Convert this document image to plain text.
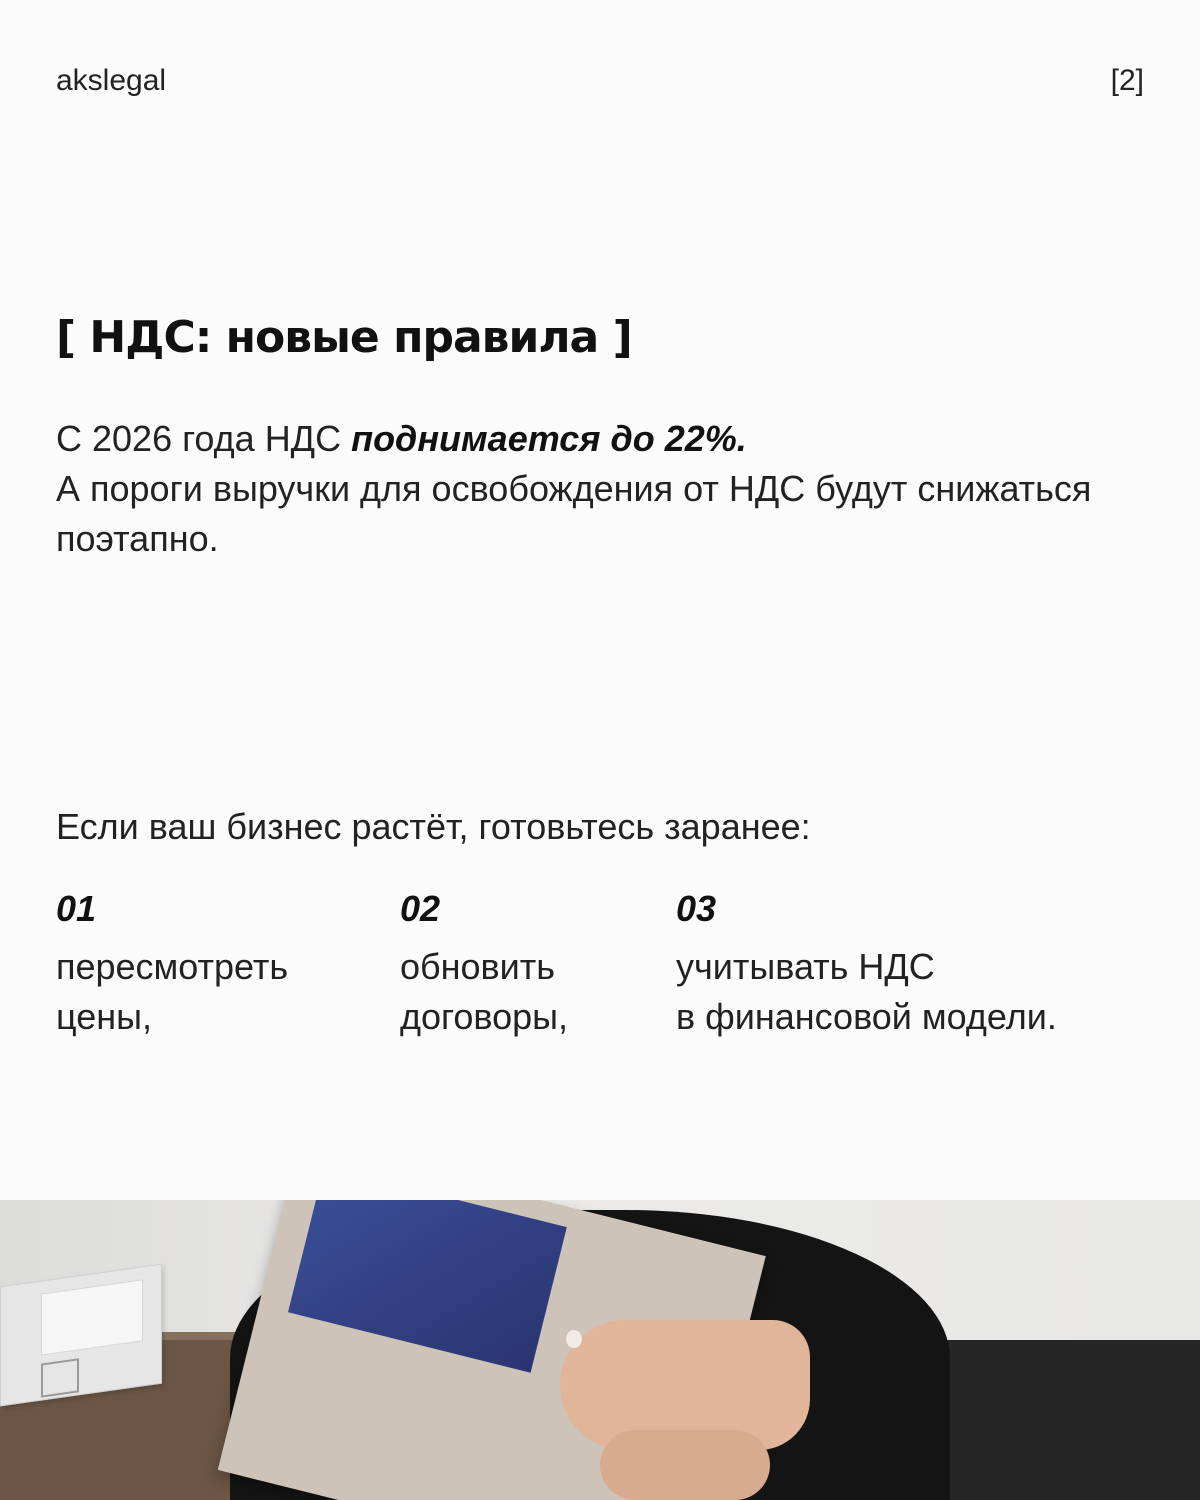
akslegal	[2]
[ НДС: новые правила ]
С 2026 года НДС поднимается до 22%.
А пороги выручки для освобождения от НДС будут снижаться поэтапно.
Если ваш бизнес растёт, готовьтесь заранее:
01
пересмотреть
цены,
02
обновить
договоры,
03
учитывать НДС
в финансовой модели.
